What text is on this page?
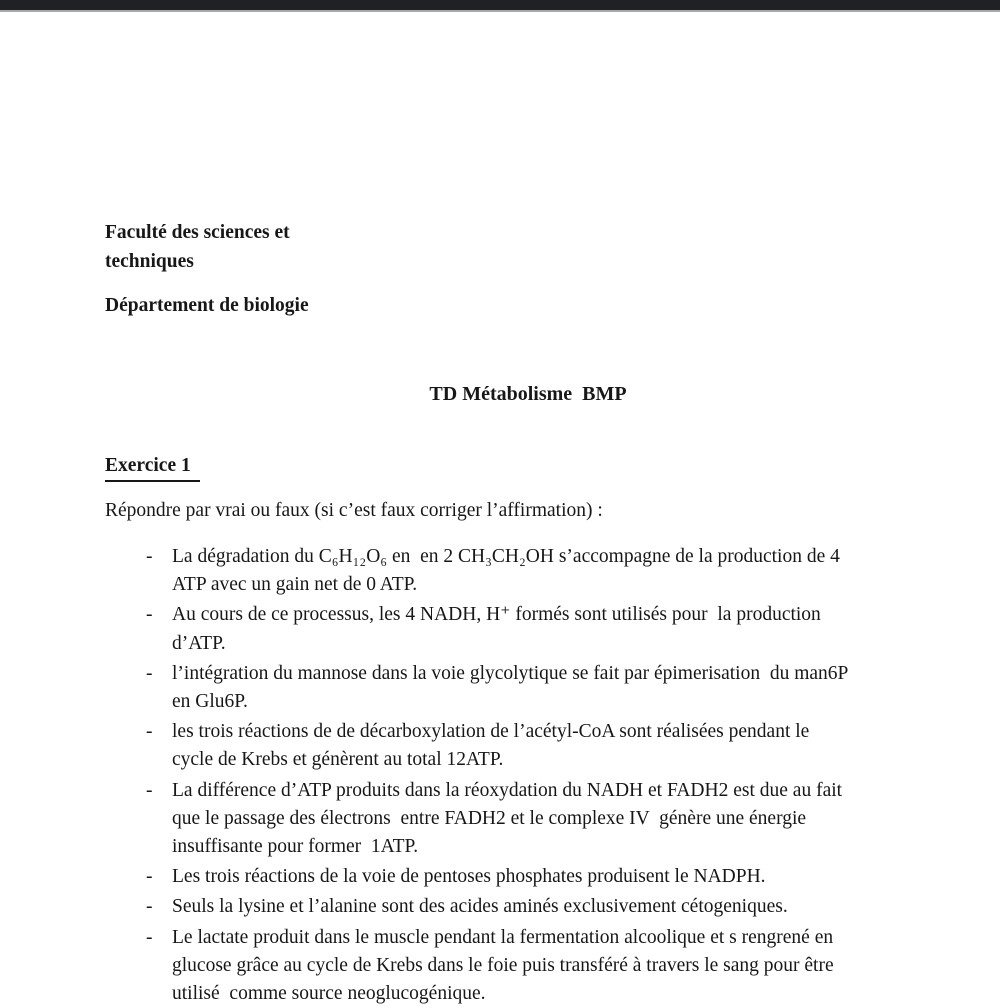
Faculté des sciences et
techniques

Département de biologie

TD Métabolisme  BMP
Exercice 1

Répondre par vrai ou faux (si c’est faux corriger l’affirmation) :

-	La dégradation du C₆H₁₂O₆ en  en 2 CH₃CH₂OH s’accompagne de la production de 4
ATP avec un gain net de 0 ATP.
-	Au cours de ce processus, les 4 NADH, H⁺ formés sont utilisés pour  la production
d’ATP.
-	l’intégration du mannose dans la voie glycolytique se fait par épimerisation  du man6P
en Glu6P.
-	les trois réactions de de décarboxylation de l’acétyl-CoA sont réalisées pendant le
cycle de Krebs et génèrent au total 12ATP.
-	La différence d’ATP produits dans la réoxydation du NADH et FADH2 est due au fait
que le passage des électrons  entre FADH2 et le complexe IV  génère une énergie
insuffisante pour former  1ATP.
-	Les trois réactions de la voie de pentoses phosphates produisent le NADPH.
-	Seuls la lysine et l’alanine sont des acides aminés exclusivement cétogeniques.
-	Le lactate produit dans le muscle pendant la fermentation alcoolique et s rengrené en
glucose grâce au cycle de Krebs dans le foie puis transféré à travers le sang pour être
utilisé  comme source neoglucogénique.
